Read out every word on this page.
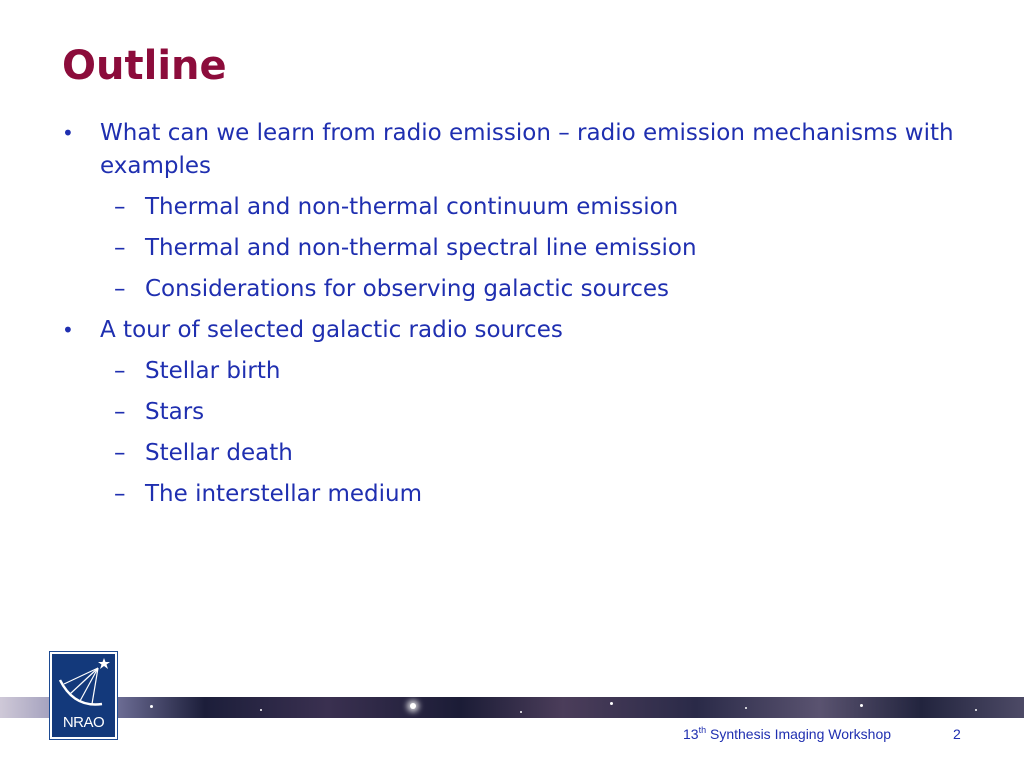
Outline
• What can we learn from radio emission – radio emission mechanisms with
examples
– Thermal and non-thermal continuum emission
– Thermal and non-thermal spectral line emission
– Considerations for observing galactic sources
• A tour of selected galactic radio sources
– Stellar birth
– Stars
– Stellar death
– The interstellar medium
NRAO
13th Synthesis Imaging Workshop	2
